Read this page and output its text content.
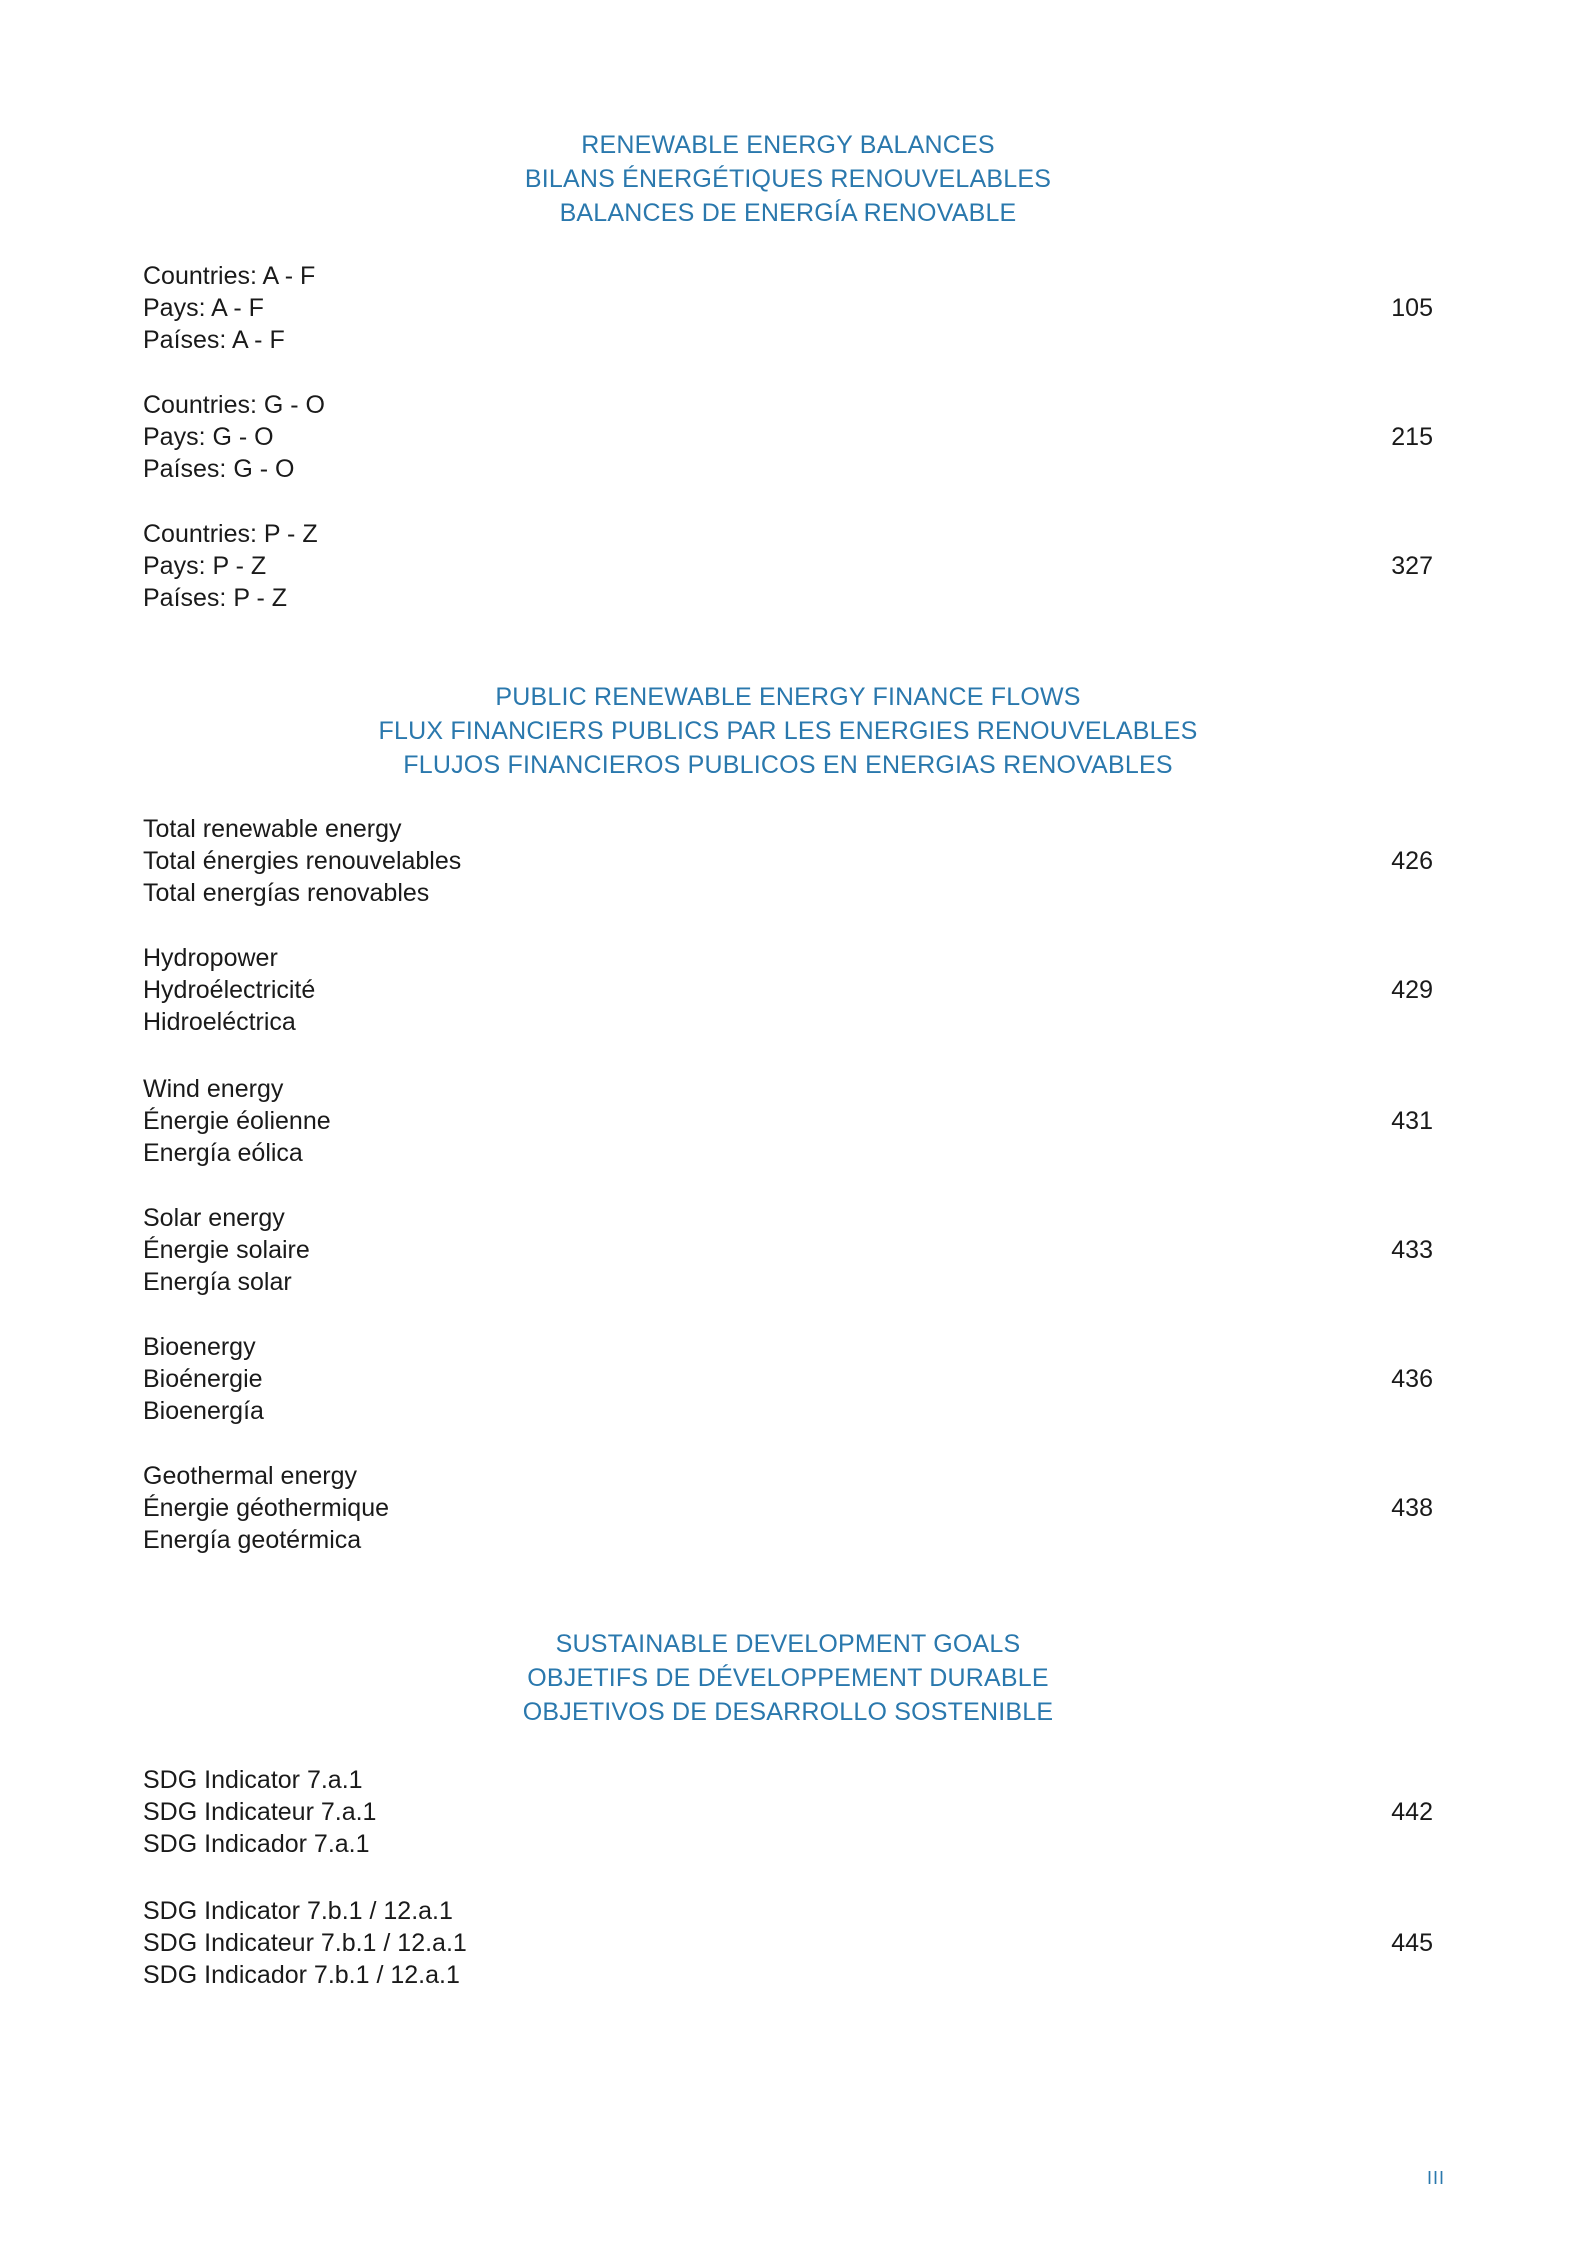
RENEWABLE ENERGY BALANCES
BILANS ÉNERGÉTIQUES RENOUVELABLES
BALANCES DE ENERGÍA RENOVABLE
Countries: A - F
Pays: A - F
Países: A - F
105
Countries: G - O
Pays: G - O
Países: G - O
215
Countries: P - Z
Pays: P - Z
Países: P - Z
327
PUBLIC RENEWABLE ENERGY FINANCE FLOWS
FLUX FINANCIERS PUBLICS PAR LES ENERGIES RENOUVELABLES
FLUJOS FINANCIEROS PUBLICOS EN ENERGIAS RENOVABLES
Total renewable energy
Total énergies renouvelables
Total energías renovables
426
Hydropower
Hydroélectricité
Hidroeléctrica
429
Wind energy
Énergie éolienne
Energía eólica
431
Solar energy
Énergie solaire
Energía solar
433
Bioenergy
Bioénergie
Bioenergía
436
Geothermal energy
Énergie géothermique
Energía geotérmica
438
SUSTAINABLE DEVELOPMENT GOALS
OBJETIFS DE DÉVELOPPEMENT DURABLE
OBJETIVOS DE DESARROLLO SOSTENIBLE
SDG Indicator 7.a.1
SDG Indicateur 7.a.1
SDG Indicador 7.a.1
442
SDG Indicator 7.b.1 / 12.a.1
SDG Indicateur 7.b.1 / 12.a.1
SDG Indicador 7.b.1 / 12.a.1
445
III
